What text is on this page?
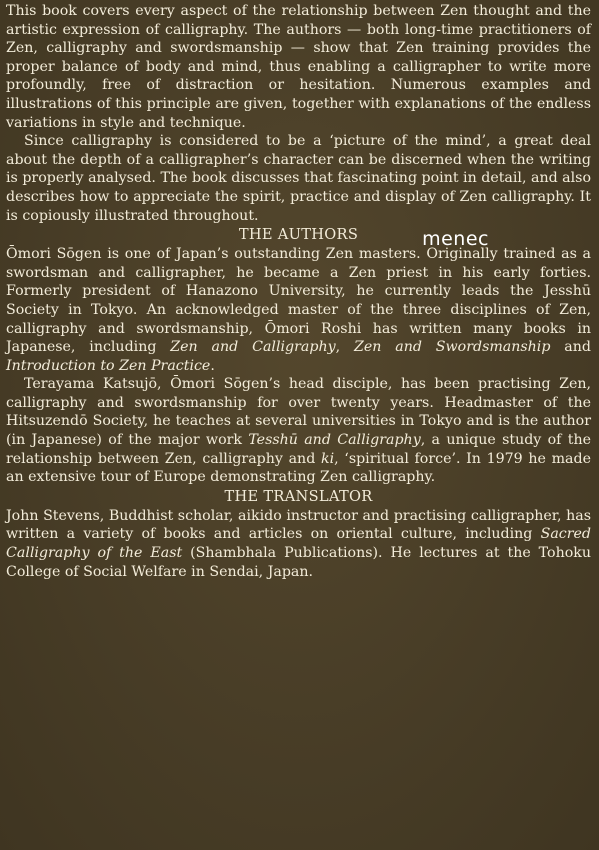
This book covers every aspect of the relationship between Zen thought and the artistic expression of calligraphy. The authors — both long-time practitioners of Zen, calligraphy and swordsmanship — show that Zen training provides the proper balance of body and mind, thus enabling a calligrapher to write more profoundly, free of distraction or hesitation. Numerous examples and illustrations of this principle are given, together with explanations of the endless variations in style and technique.

Since calligraphy is considered to be a ‘picture of the mind’, a great deal about the depth of a calligrapher’s character can be discerned when the writing is properly analysed. The book discusses that fascinating point in detail, and also describes how to appreciate the spirit, practice and display of Zen calligraphy. It is copiously illustrated throughout.

THE AUTHORS	menec

Ōmori Sōgen is one of Japan’s outstanding Zen masters. Originally trained as a swordsman and calligrapher, he became a Zen priest in his early forties. Formerly president of Hanazono University, he currently leads the Jesshū Society in Tokyo. An acknowledged master of the three disciplines of Zen, calligraphy and swordsmanship, Ōmori Roshi has written many books in Japanese, including Zen and Calligraphy, Zen and Swordsmanship and Introduction to Zen Practice.

Terayama Katsujō, Ōmori Sōgen’s head disciple, has been practising Zen, calligraphy and swordsmanship for over twenty years. Headmaster of the Hitsuzendō Society, he teaches at several universities in Tokyo and is the author (in Japanese) of the major work Tesshū and Calligraphy, a unique study of the relationship between Zen, calligraphy and ki, ‘spiritual force’. In 1979 he made an extensive tour of Europe demonstrating Zen calligraphy.

THE TRANSLATOR

John Stevens, Buddhist scholar, aikido instructor and practising calligrapher, has written a variety of books and articles on oriental culture, including Sacred Calligraphy of the East (Shambhala Publications). He lectures at the Tohoku College of Social Welfare in Sendai, Japan.
